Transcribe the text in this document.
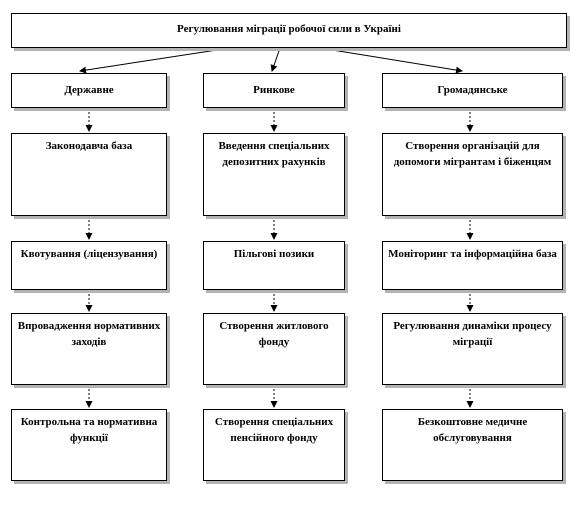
Регулювання міграції робочої сили в Україні
Державне
Законодавча база
Квотування (ліцензування)
Впровадження нормативних заходів
Контрольна та нормативна функції
Ринкове
Введення спеціальних депозитних рахунків
Пільгові позики
Створення житлового фонду
Створення спеціальних пенсійного фонду
Громадянське
Створення організацій для допомоги мігрантам і біженцям
Моніторинг та інформаційна база
Регулювання динаміки процесу міграції
Безкоштовне медичне обслуговування
